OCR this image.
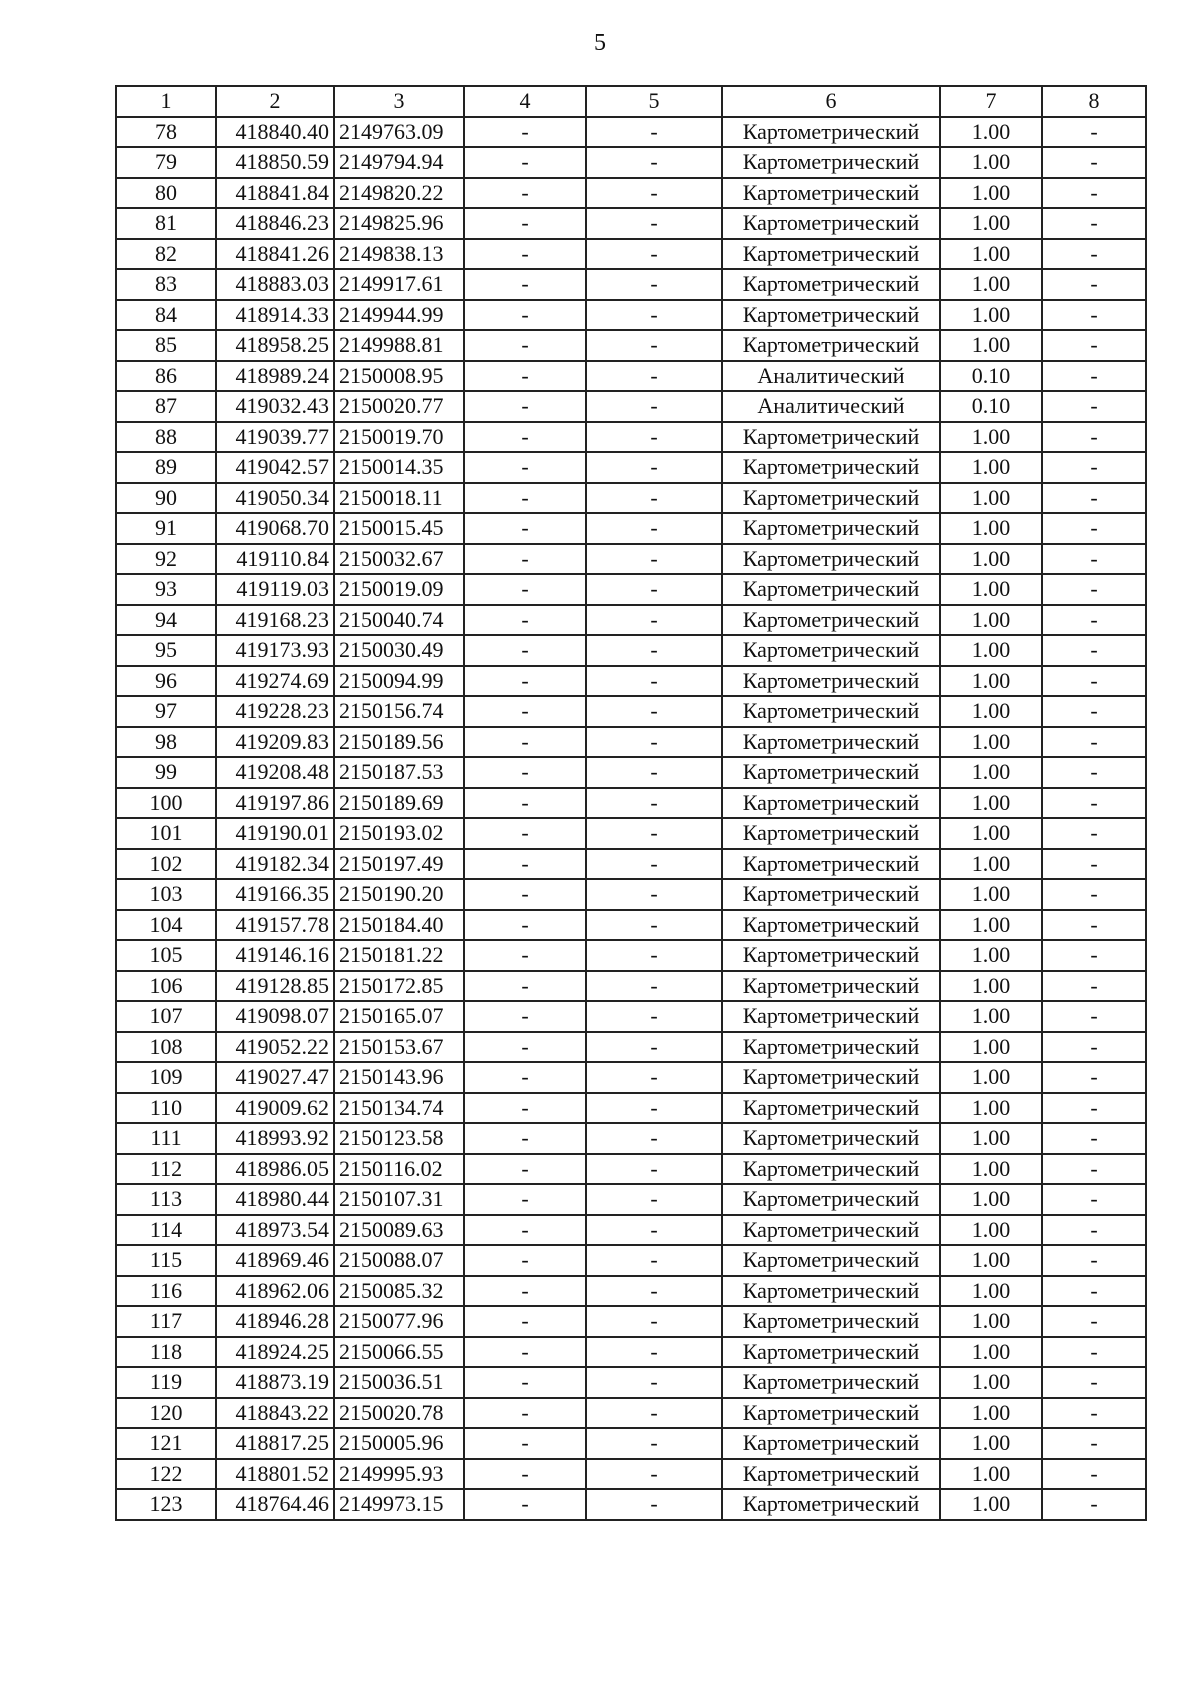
5
1	2	3	4	5	6	7	8
78	418840.40	2149763.09	-	-	Картометрический	1.00	-
79	418850.59	2149794.94	-	-	Картометрический	1.00	-
80	418841.84	2149820.22	-	-	Картометрический	1.00	-
81	418846.23	2149825.96	-	-	Картометрический	1.00	-
82	418841.26	2149838.13	-	-	Картометрический	1.00	-
83	418883.03	2149917.61	-	-	Картометрический	1.00	-
84	418914.33	2149944.99	-	-	Картометрический	1.00	-
85	418958.25	2149988.81	-	-	Картометрический	1.00	-
86	418989.24	2150008.95	-	-	Аналитический	0.10	-
87	419032.43	2150020.77	-	-	Аналитический	0.10	-
88	419039.77	2150019.70	-	-	Картометрический	1.00	-
89	419042.57	2150014.35	-	-	Картометрический	1.00	-
90	419050.34	2150018.11	-	-	Картометрический	1.00	-
91	419068.70	2150015.45	-	-	Картометрический	1.00	-
92	419110.84	2150032.67	-	-	Картометрический	1.00	-
93	419119.03	2150019.09	-	-	Картометрический	1.00	-
94	419168.23	2150040.74	-	-	Картометрический	1.00	-
95	419173.93	2150030.49	-	-	Картометрический	1.00	-
96	419274.69	2150094.99	-	-	Картометрический	1.00	-
97	419228.23	2150156.74	-	-	Картометрический	1.00	-
98	419209.83	2150189.56	-	-	Картометрический	1.00	-
99	419208.48	2150187.53	-	-	Картометрический	1.00	-
100	419197.86	2150189.69	-	-	Картометрический	1.00	-
101	419190.01	2150193.02	-	-	Картометрический	1.00	-
102	419182.34	2150197.49	-	-	Картометрический	1.00	-
103	419166.35	2150190.20	-	-	Картометрический	1.00	-
104	419157.78	2150184.40	-	-	Картометрический	1.00	-
105	419146.16	2150181.22	-	-	Картометрический	1.00	-
106	419128.85	2150172.85	-	-	Картометрический	1.00	-
107	419098.07	2150165.07	-	-	Картометрический	1.00	-
108	419052.22	2150153.67	-	-	Картометрический	1.00	-
109	419027.47	2150143.96	-	-	Картометрический	1.00	-
110	419009.62	2150134.74	-	-	Картометрический	1.00	-
111	418993.92	2150123.58	-	-	Картометрический	1.00	-
112	418986.05	2150116.02	-	-	Картометрический	1.00	-
113	418980.44	2150107.31	-	-	Картометрический	1.00	-
114	418973.54	2150089.63	-	-	Картометрический	1.00	-
115	418969.46	2150088.07	-	-	Картометрический	1.00	-
116	418962.06	2150085.32	-	-	Картометрический	1.00	-
117	418946.28	2150077.96	-	-	Картометрический	1.00	-
118	418924.25	2150066.55	-	-	Картометрический	1.00	-
119	418873.19	2150036.51	-	-	Картометрический	1.00	-
120	418843.22	2150020.78	-	-	Картометрический	1.00	-
121	418817.25	2150005.96	-	-	Картометрический	1.00	-
122	418801.52	2149995.93	-	-	Картометрический	1.00	-
123	418764.46	2149973.15	-	-	Картометрический	1.00	-
